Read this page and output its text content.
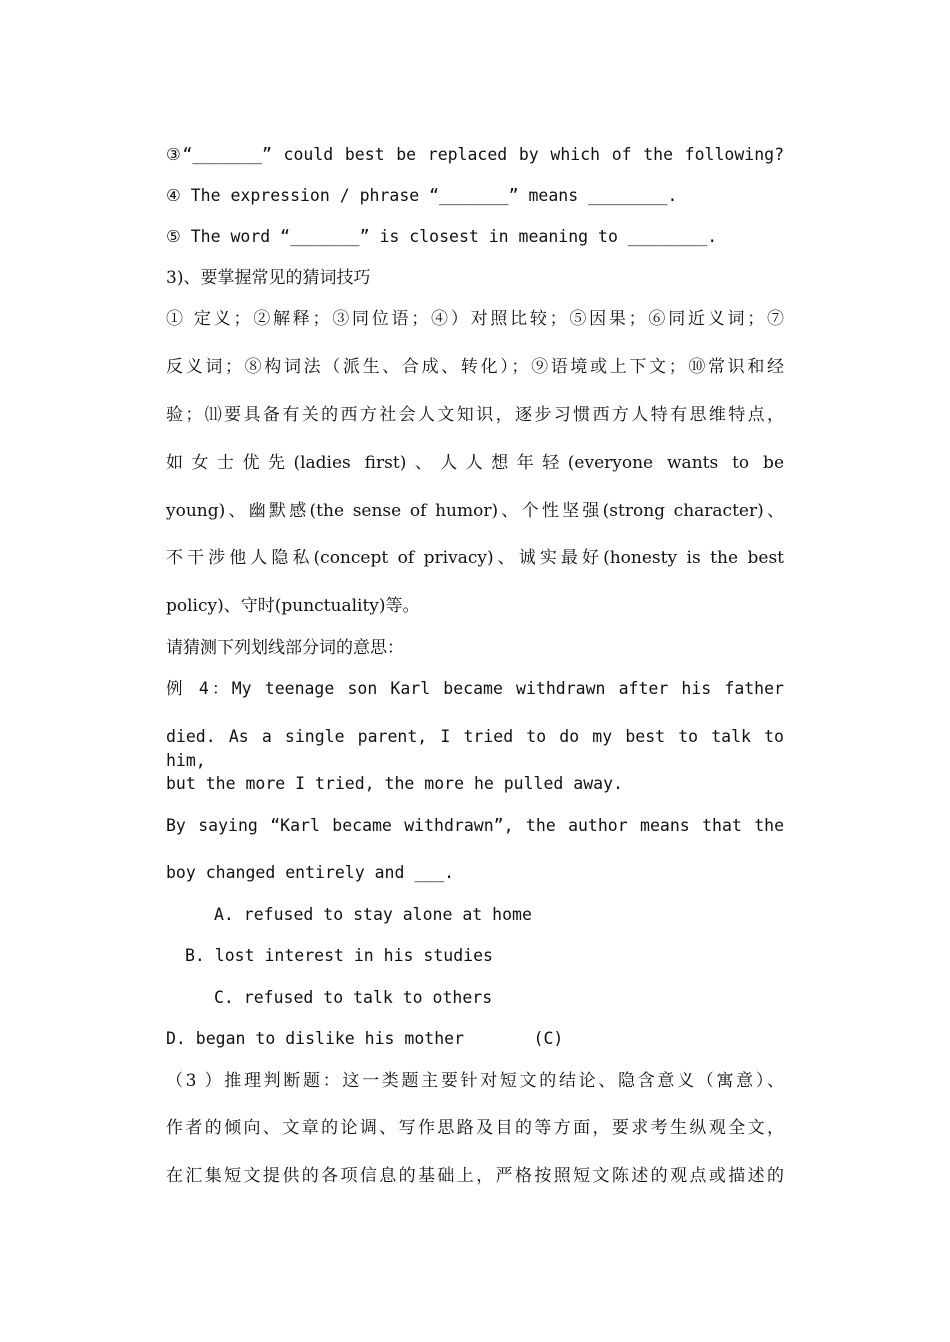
③“_______” could best be replaced by which of the following?
④ The expression / phrase “_______” means ________.
⑤ The word “_______” is closest in meaning to ________.
3)、要掌握常见的猜词技巧
① 定义；②解释；③同位语；④）对照比较；⑤因果；⑥同近义词；⑦
反义词；⑧构词法（派生、合成、转化）；⑨语境或上下文；⑩常识和经
验；⑾要具备有关的西方社会人文知识，逐步习惯西方人特有思维特点，
如女士优先(ladies first)、人人想年轻(everyone wants to be
young)、幽默感(the sense of humor)、个性坚强(strong character)、
不干涉他人隐私(concept of privacy)、诚实最好(honesty is the best
policy)、守时(punctuality)等。
请猜测下列划线部分词的意思：
例 4：My teenage son Karl became withdrawn after his father
died. As a single parent, I tried to do my best to talk to him,
but the more I tried, the more he pulled away.
By saying “Karl became withdrawn”, the author means that the
boy changed entirely and ___.
A. refused to stay alone at home
B. lost interest in his studies
C. refused to talk to others
D. began to dislike his mother       (C)
（3 ）推理判断题：这一类题主要针对短文的结论、隐含意义（寓意）、
作者的倾向、文章的论调、写作思路及目的等方面，要求考生纵观全文，
在汇集短文提供的各项信息的基础上，严格按照短文陈述的观点或描述的
